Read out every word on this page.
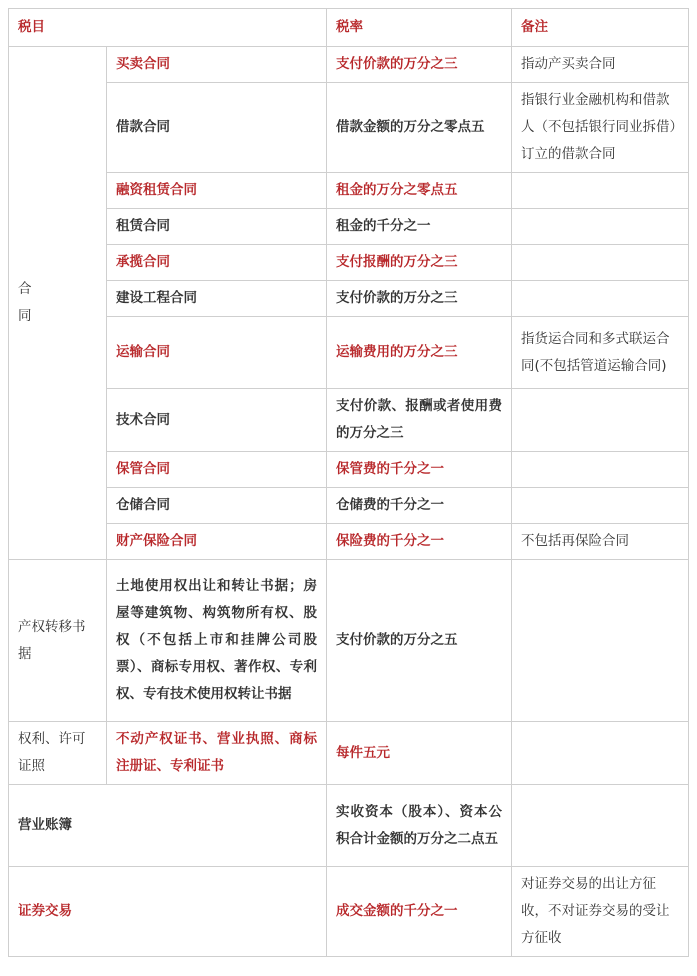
税目		税率	备注
合同	买卖合同	支付价款的万分之三	指动产买卖合同
	借款合同	借款金额的万分之零点五	指银行业金融机构和借款人（不包括银行同业拆借）订立的借款合同
	融资租赁合同	租金的万分之零点五	
	租赁合同	租金的千分之一	
	承揽合同	支付报酬的万分之三	
	建设工程合同	支付价款的万分之三	
	运输合同	运输费用的万分之三	指货运合同和多式联运合同(不包括管道运输合同)
	技术合同	支付价款、报酬或者使用费的万分之三	
	保管合同	保管费的千分之一	
	仓储合同	仓储费的千分之一	
	财产保险合同	保险费的千分之一	不包括再保险合同
产权转移书据	土地使用权出让和转让书据；房屋等建筑物、构筑物所有权、股权（不包括上市和挂牌公司股票）、商标专用权、著作权、专利权、专有技术使用权转让书据	支付价款的万分之五	
权利、许可证照	不动产权证书、营业执照、商标注册证、专利证书	每件五元	
营业账簿		实收资本（股本）、资本公积合计金额的万分之二点五	
证券交易		成交金额的千分之一	对证券交易的出让方征收，不对证券交易的受让方征收
